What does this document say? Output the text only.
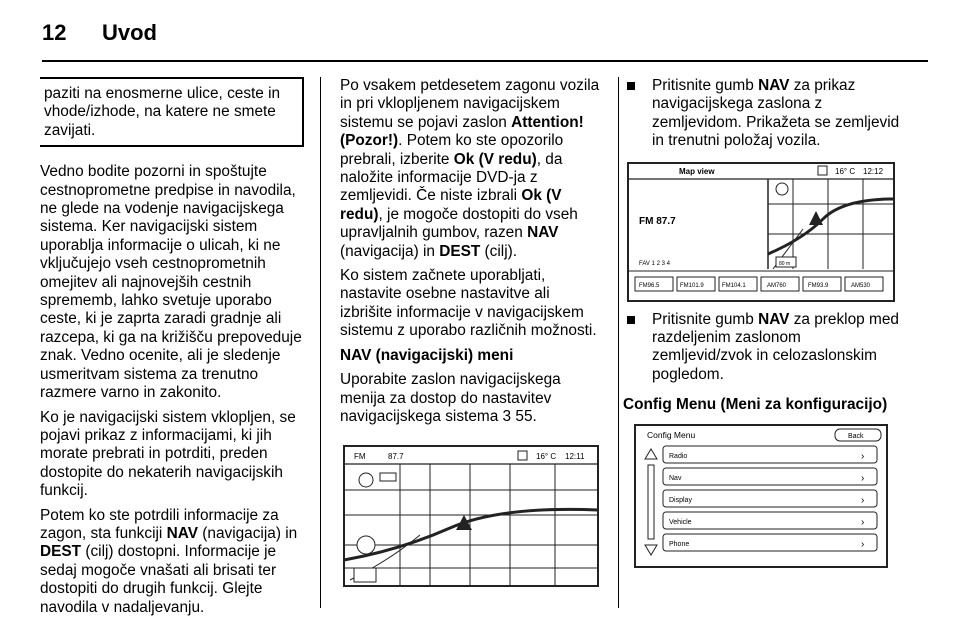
12 Uvod
paziti na enosmerne ulice, ceste in vhode/izhode, na katere ne smete zavijati.

Vedno bodite pozorni in spoštujte cestnoprometne predpise in navodila, ne glede na vodenje navigacijskega sistema. Ker navigacijski sistem uporablja informacije o ulicah, ki ne vključujejo vseh cestnoprometnih omejitev ali najnovejših cestnih sprememb, lahko svetuje uporabo ceste, ki je zaprta zaradi gradnje ali razcepa, ki ga na križišču prepoveduje znak. Vedno ocenite, ali je sledenje usmeritvam sistema za trenutno razmere varno in zakonito.

Ko je navigacijski sistem vklopljen, se pojavi prikaz z informacijami, ki jih morate prebrati in potrditi, preden dostopite do nekaterih navigacijskih funkcij.

Potem ko ste potrdili informacije za zagon, sta funkciji NAV (navigacija) in DEST (cilj) dostopni. Informacije je sedaj mogoče vnašati ali brisati ter dostopiti do drugih funkcij. Glejte navodila v nadaljevanju.

Po vsakem petdesetem zagonu vozila in pri vklopljenem navigacijskem sistemu se pojavi zaslon Attention! (Pozor!). Potem ko ste opozorilo prebrali, izberite Ok (V redu), da naložite informacije DVD-ja z zemljevidi. Če niste izbrali Ok (V redu), je mogoče dostopiti do vseh upravljalnih gumbov, razen NAV (navigacija) in DEST (cilj).

Ko sistem začnete uporabljati, nastavite osebne nastavitve ali izbrišite informacije v navigacijskem sistemu z uporabo različnih možnosti.

NAV (navigacijski) meni

Uporabite zaslon navigacijskega menija za dostop do nastavitev navigacijskega sistema 3 55.

FM	87.7	16° C 12:11
Pritisnite gumb NAV za prikaz navigacijskega zaslona z zemljevidom. Prikažeta se zemljevid in trenutni položaj vozila.
Map view	16° C 12:12
FM 87.7
80 m
FAV 1 2 3 4
FM96.5	FM101.9	FM104.1	AM760	FM93.9	AM530
Pritisnite gumb NAV za preklop med razdeljenim zaslonom zemljevid/zvok in celozaslonskim pogledom.

Config Menu (Meni za konfiguracijo)

Config Menu	Back
Radio	›
Nav	›
Display	›
Vehicle	›
Phone	›
